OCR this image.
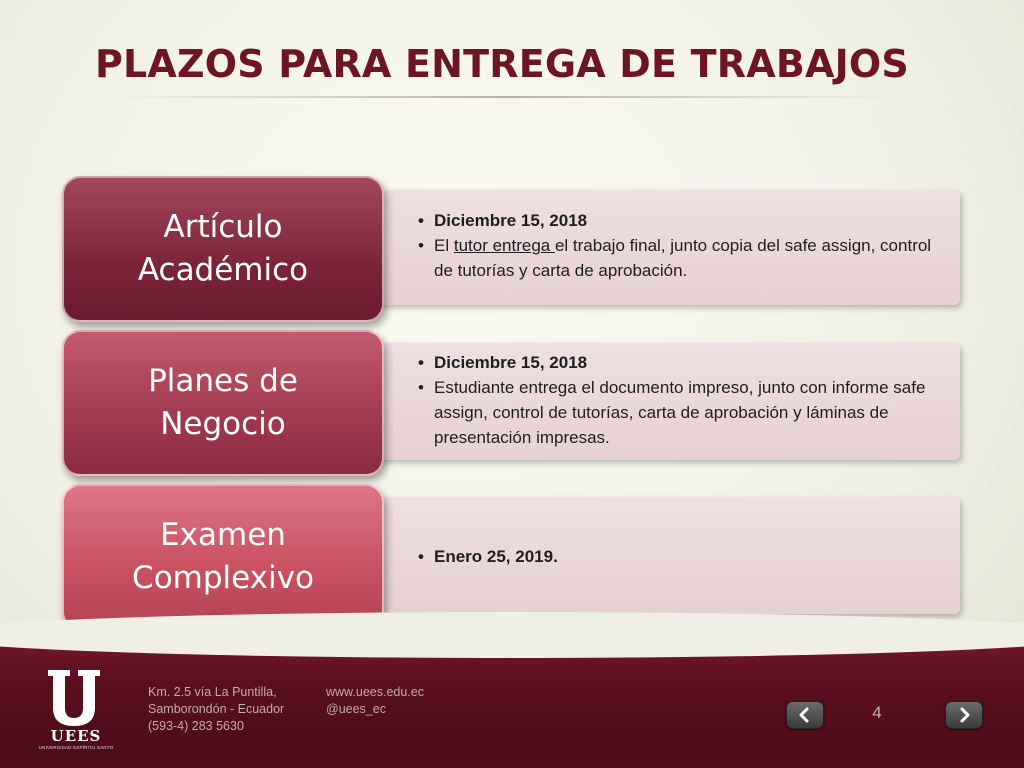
PLAZOS PARA ENTREGA DE TRABAJOS
Artículo
Académico
• Diciembre 15, 2018
• El tutor entrega el trabajo final, junto copia del safe assign, control de tutorías y carta de aprobación.
Planes de
Negocio
• Diciembre 15, 2018
• Estudiante entrega el documento impreso, junto con informe safe assign, control de tutorías, carta de aprobación y láminas de presentación impresas.
Examen
Complexivo
• Enero 25, 2019.
UEES
UNIVERSIDAD ESPÍRITU SANTO
Km. 2.5 vía La Puntilla,
Samborondón - Ecuador
(593-4) 283 5630
www.uees.edu.ec
@uees_ec	4
